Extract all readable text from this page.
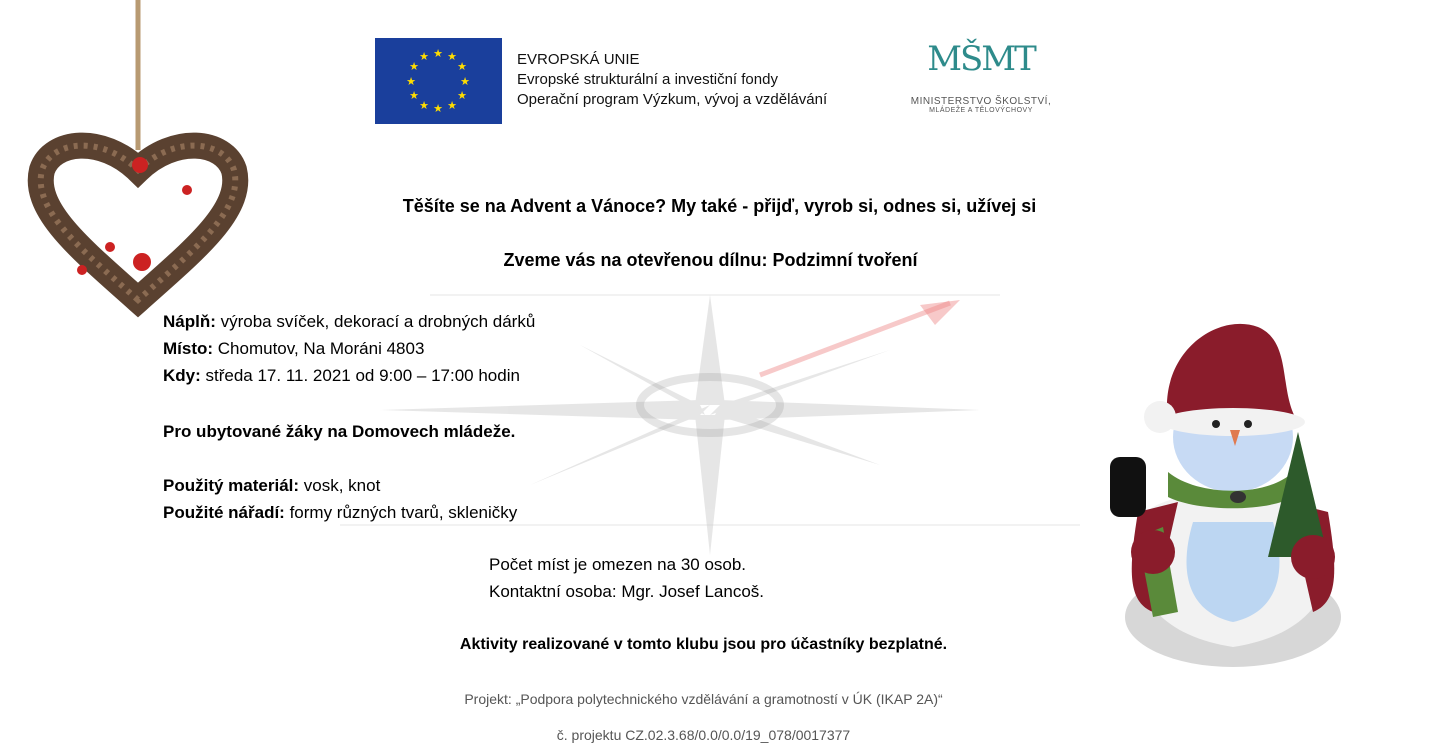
★ ★
★
★
★
★
★
★
★
★
★
★	EVROPSKÁ UNIE
Evropské strukturální a investiční fondy
Operační program Výzkum, vývoj a vzdělávání
MŠMT
MINISTERSTVO ŠKOLSTVÍ,
MLÁDEŽE A TĚLOVÝCHOVY
Těšíte se na Advent a Vánoce? My také - přijď, vyrob si, odnes si, užívej si
Zveme vás na otevřenou dílnu: Podzimní tvoření
Náplň: výroba svíček, dekorací a drobných dárků
Místo: Chomutov, Na Moráni 4803
Kdy: středa 17. 11. 2021 od 9:00 – 17:00 hodin
Pro ubytované žáky na Domovech mládeže.
Použitý materiál: vosk, knot
Použité nářadí: formy různých tvarů, skleničky
Počet míst je omezen na 30 osob.
Kontaktní osoba: Mgr. Josef Lancoš.
Aktivity realizované v tomto klubu jsou pro účastníky bezplatné.
Projekt: „Podpora polytechnického vzdělávání a gramotností v ÚK (IKAP 2A)“
č. projektu CZ.02.3.68/0.0/0.0/19_078/0017377
